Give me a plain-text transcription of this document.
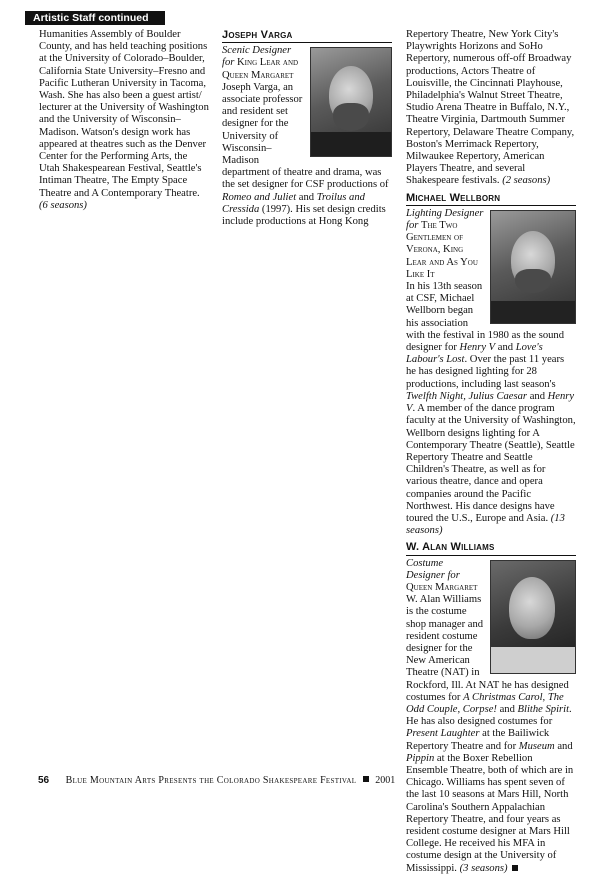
Artistic Staff continued

Humanities Assembly of Boulder County, and has held teaching positions at the University of Colorado–Boulder, California State University–Fresno and Pacific Lutheran University in Tacoma, Wash. She has also been a guest artist/ lecturer at the University of Washington and the University of Wisconsin–Madison. Watson's design work has appeared at theatres such as the Denver Center for the Performing Arts, the Utah Shakespearean Festival, Seattle's Intiman Theatre, The Empty Space Theatre and A Contemporary Theatre. (6 seasons)

Joseph Varga

Scenic Designer for King Lear and Queen Margaret

Joseph Varga, an associate professor and resident set designer for the University of Wisconsin–Madison department of theatre and drama, was the set designer for CSF productions of Romeo and Juliet and Troilus and Cressida (1997). His set design credits include productions at Hong Kong

Repertory Theatre, New York City's Playwrights Horizons and SoHo Repertory, numerous off-off Broadway productions, Actors Theatre of Louisville, the Cincinnati Playhouse, Philadelphia's Walnut Street Theatre, Studio Arena Theatre in Buffalo, N.Y., Theatre Virginia, Dartmouth Summer Repertory, Delaware Theatre Company, Boston's Merrimack Repertory, Milwaukee Repertory, American Players Theatre, and several Shakespeare festivals. (2 seasons)

Michael Wellborn

Lighting Designer for The Two Gentlemen of Verona, King Lear and As You Like It

In his 13th season at CSF, Michael Wellborn began his association with the festival in 1980 as the sound designer for Henry V and Love's Labour's Lost. Over the past 11 years he has designed lighting for 28 productions, including last season's Twelfth Night, Julius Caesar and Henry V. A member of the dance program faculty at the University of Washington, Wellborn designs lighting for A Contemporary Theatre (Seattle), Seattle Repertory Theatre and Seattle Children's Theatre, as well as for various theatre, dance and opera companies around the Pacific Northwest. His dance designs have toured the U.S., Europe and Asia. (13 seasons)

W. Alan Williams

Costume Designer for Queen Margaret

W. Alan Williams is the costume shop manager and resident costume designer for the New American Theatre (NAT) in Rockford, Ill. At NAT he has designed costumes for A Christmas Carol, The Odd Couple, Corpse! and Blithe Spirit. He has also designed costumes for Present Laughter at the Bailiwick Repertory Theatre and for Museum and Pippin at the Boxer Rebellion Ensemble Theatre, both of which are in Chicago. Williams has spent seven of the last 10 seasons at Mars Hill, North Carolina's Southern Appalachian Repertory Theatre, and four years as resident costume designer at Mars Hill College. He received his MFA in costume design at the University of Mississippi. (3 seasons)

56 Blue Mountain Arts Presents the Colorado Shakespeare Festival 2001
